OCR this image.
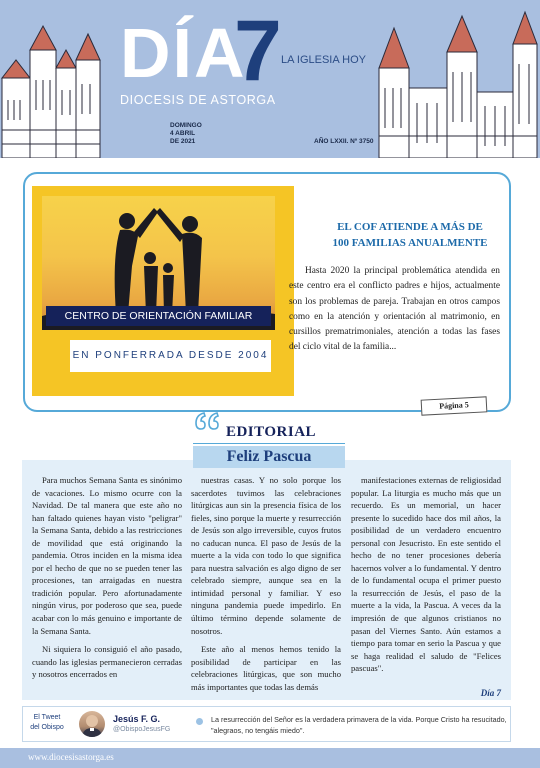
DÍA
7 LA IGLESIA HOY
DIOCESIS DE ASTORGA
DOMINGO
4 ABRIL
DE 2021	AÑO LXXII. Nº 3750
CENTRO DE ORIENTACIÓN FAMILIAR
EN PONFERRADA DESDE 2004
EL COF ATIENDE A MÁS DE
100 FAMILIAS ANUALMENTE

Hasta 2020 la principal problemática atendida en este centro era el conflicto padres e hijos, actualmente son los problemas de pareja. Trabajan en otros campos como en la atención y orientación al matrimonio, en cursillos prematrimoniales, atención a todas las fases del ciclo vital de la familia...

Página 5
EDITORIAL

Para muchos Semana Santa es sinónimo de vacaciones. Lo mismo ocurre con la Navidad. De tal manera que este año no han faltado quienes hayan visto "peligrar" la Semana Santa, debido a las restricciones de movilidad que está originando la pandemia. Otros inciden en la misma idea por el hecho de que no se pueden tener las procesiones, tan arraigadas en nuestra tradición popular. Pero afortunadamente ningún virus, por poderoso que sea, puede acabar con lo más genuino e importante de la Semana Santa.

Ni siquiera lo consiguió el año pasado, cuando las iglesias permanecieron cerradas y nosotros encerrados en

nuestras casas. Y no solo porque los sacerdotes tuvimos las celebraciones litúrgicas aun sin la presencia física de los fieles, sino porque la muerte y resurrección de Jesús son algo irreversible, cuyos frutos no caducan nunca. El paso de Jesús de la muerte a la vida con todo lo que significa para nuestra salvación es algo digno de ser celebrado siempre, aunque sea en la intimidad personal y familiar. Y eso ninguna pandemia puede impedirlo. En último término depende solamente de nosotros.

Este año al menos hemos tenido la posibilidad de participar en las celebraciones litúrgicas, que son mucho más importantes que todas las demás

manifestaciones externas de religiosidad popular. La liturgia es mucho más que un recuerdo. Es un memorial, un hacer presente lo sucedido hace dos mil años, la posibilidad de un verdadero encuentro personal con Jesucristo. En este sentido el hecho de no tener procesiones debería hacernos volver a lo fundamental. Y dentro de lo fundamental ocupa el primer puesto la resurrección de Jesús, el paso de la muerte a la vida, la Pascua. A veces da la impresión de que algunos cristianos no pasan del Viernes Santo. Aún estamos a tiempo para tomar en serio la Pascua y que se haga realidad el saludo de "Felices pascuas".

Día 7
Feliz Pascua
El Tweet
del Obispo
Jesús F. G.
@ObispoJesusFG
La resurrección del Señor es la verdadera primavera de la vida. Porque Cristo ha resucitado, "alegraos, no tengáis miedo".
www.diocesisastorga.es
